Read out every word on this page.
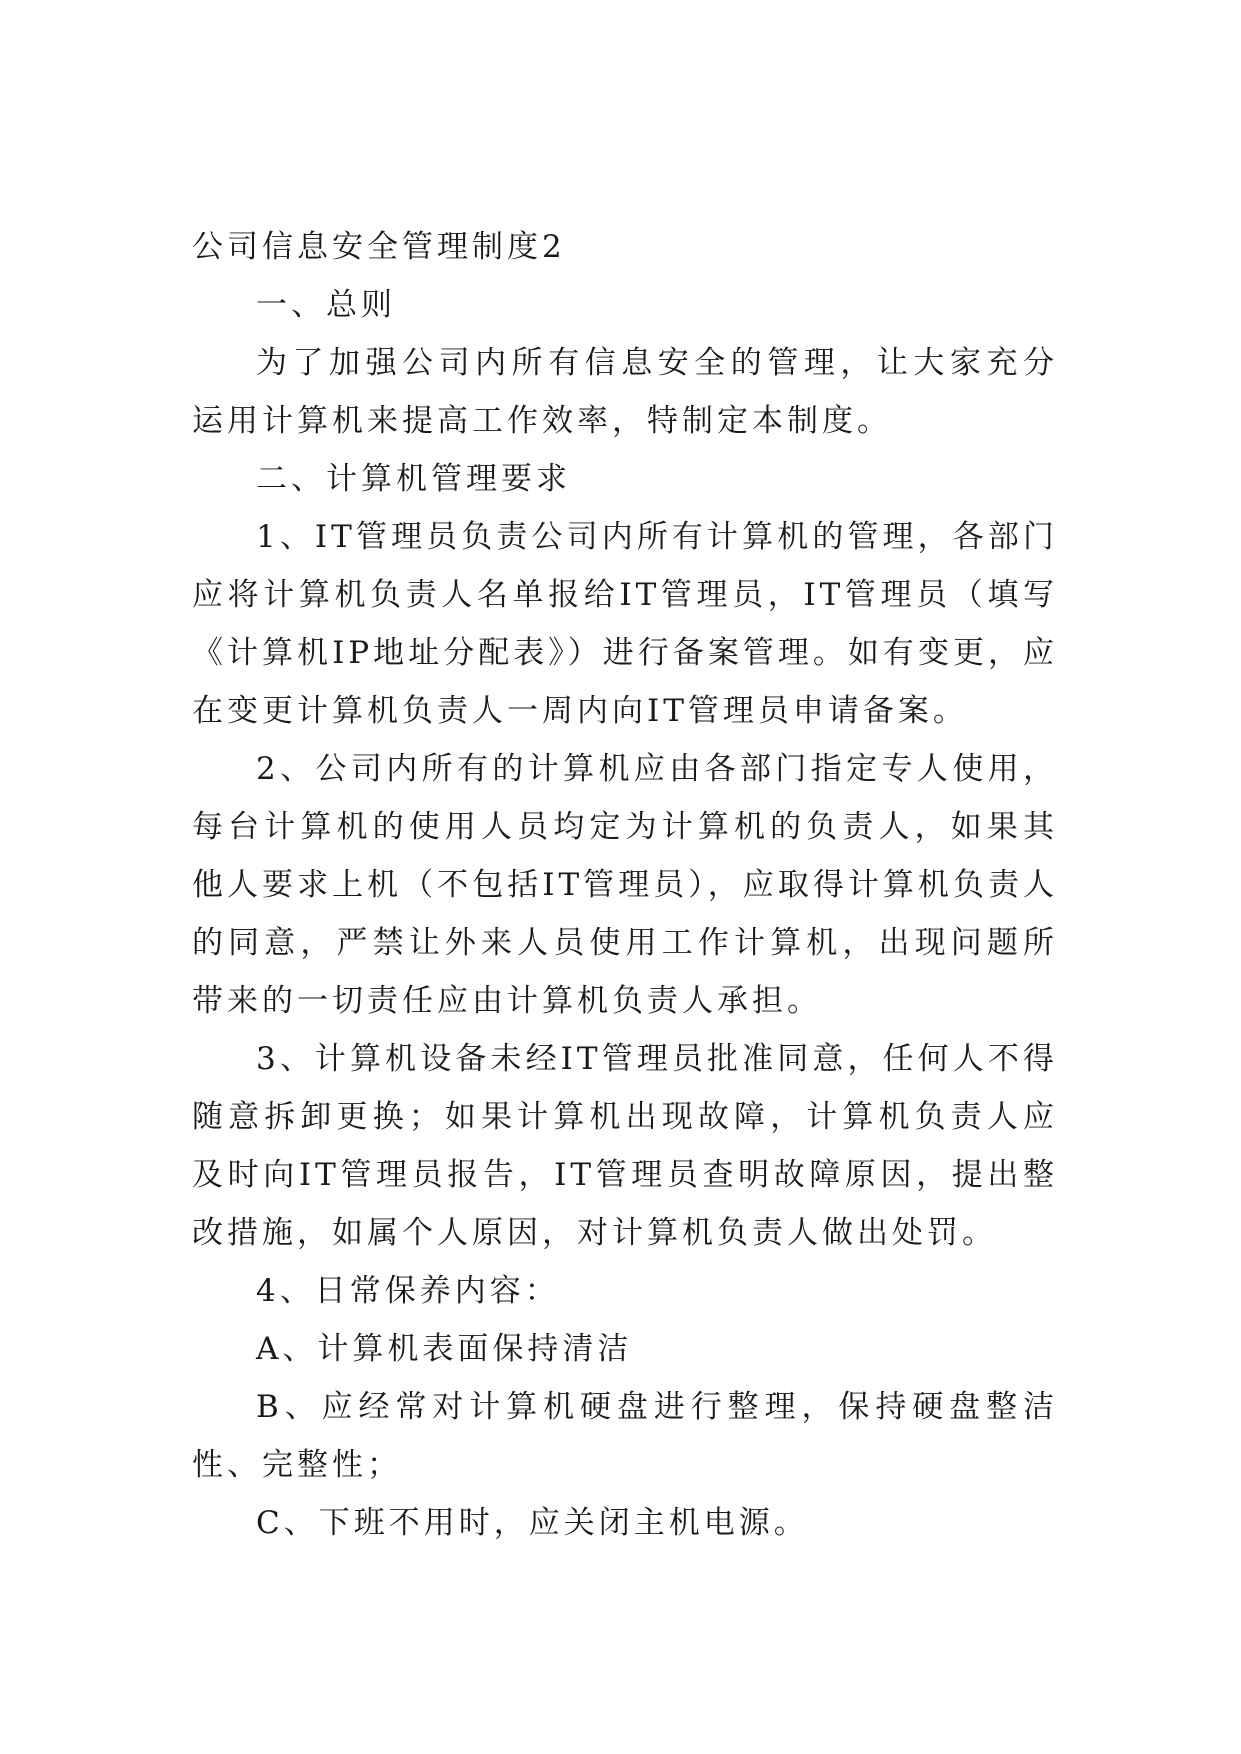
公司信息安全管理制度2

一、总则

为了加强公司内所有信息安全的管理，让大家充分运用计算机来提高工作效率，特制定本制度。

二、计算机管理要求

1、IT管理员负责公司内所有计算机的管理，各部门应将计算机负责人名单报给IT管理员，IT管理员（填写《计算机IP地址分配表》）进行备案管理。如有变更，应在变更计算机负责人一周内向IT管理员申请备案。

2、公司内所有的计算机应由各部门指定专人使用，每台计算机的使用人员均定为计算机的负责人，如果其他人要求上机（不包括IT管理员），应取得计算机负责人的同意，严禁让外来人员使用工作计算机，出现问题所带来的一切责任应由计算机负责人承担。

3、计算机设备未经IT管理员批准同意，任何人不得随意拆卸更换；如果计算机出现故障，计算机负责人应及时向IT管理员报告，IT管理员查明故障原因，提出整改措施，如属个人原因，对计算机负责人做出处罚。

4、日常保养内容：

A、计算机表面保持清洁

B、应经常对计算机硬盘进行整理，保持硬盘整洁性、完整性；

C、下班不用时，应关闭主机电源。
